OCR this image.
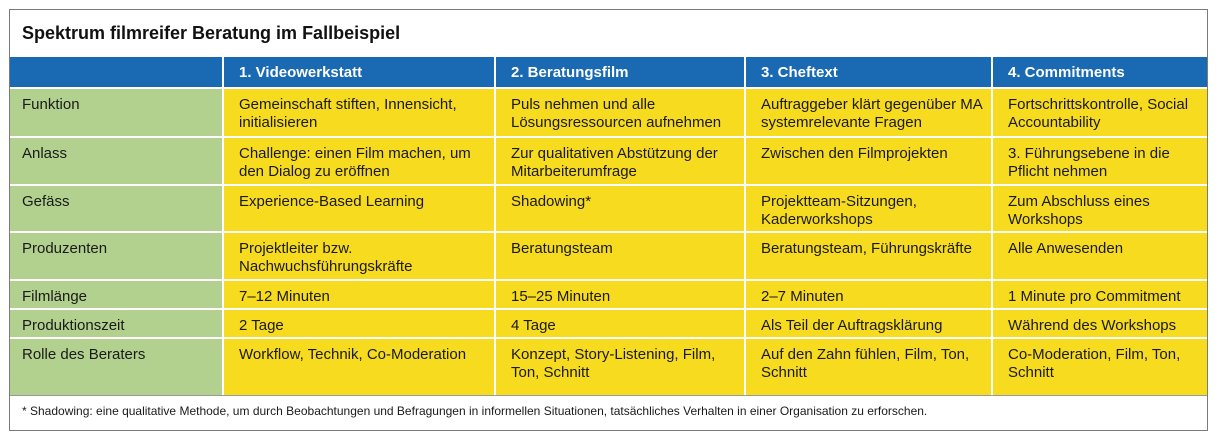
Spektrum filmreifer Beratung im Fallbeispiel
	1. Videowerkstatt	2. Beratungsfilm	3. Cheftext	4. Commitments
Funktion	Gemeinschaft stiften, Innensicht, initialisieren	Puls nehmen und alle Lösungsressourcen aufnehmen	Auftraggeber klärt gegenüber MA systemrelevante Fragen	Fortschrittskontrolle, Social Accountability
Anlass	Challenge: einen Film machen, um den Dialog zu eröffnen	Zur qualitativen Abstützung der Mitarbeiterumfrage	Zwischen den Filmprojekten	3. Führungsebene in die Pflicht nehmen
Gefäss	Experience-Based Learning	Shadowing*	Projektteam-Sitzungen, Kaderworkshops	Zum Abschluss eines Workshops
Produzenten	Projektleiter bzw. Nachwuchsführungskräfte	Beratungsteam	Beratungsteam, Führungskräfte	Alle Anwesenden
Filmlänge	7–12 Minuten	15–25 Minuten	2–7 Minuten	1 Minute pro Commitment
Produktionszeit	2 Tage	4 Tage	Als Teil der Auftragsklärung	Während des Workshops
Rolle des Beraters	Workflow, Technik, Co-Moderation	Konzept, Story-Listening, Film, Ton, Schnitt	Auf den Zahn fühlen, Film, Ton, Schnitt	Co-Moderation, Film, Ton, Schnitt
* Shadowing: eine qualitative Methode, um durch Beobachtungen und Befragungen in informellen Situationen, tatsächliches Verhalten in einer Organisation zu erforschen.
